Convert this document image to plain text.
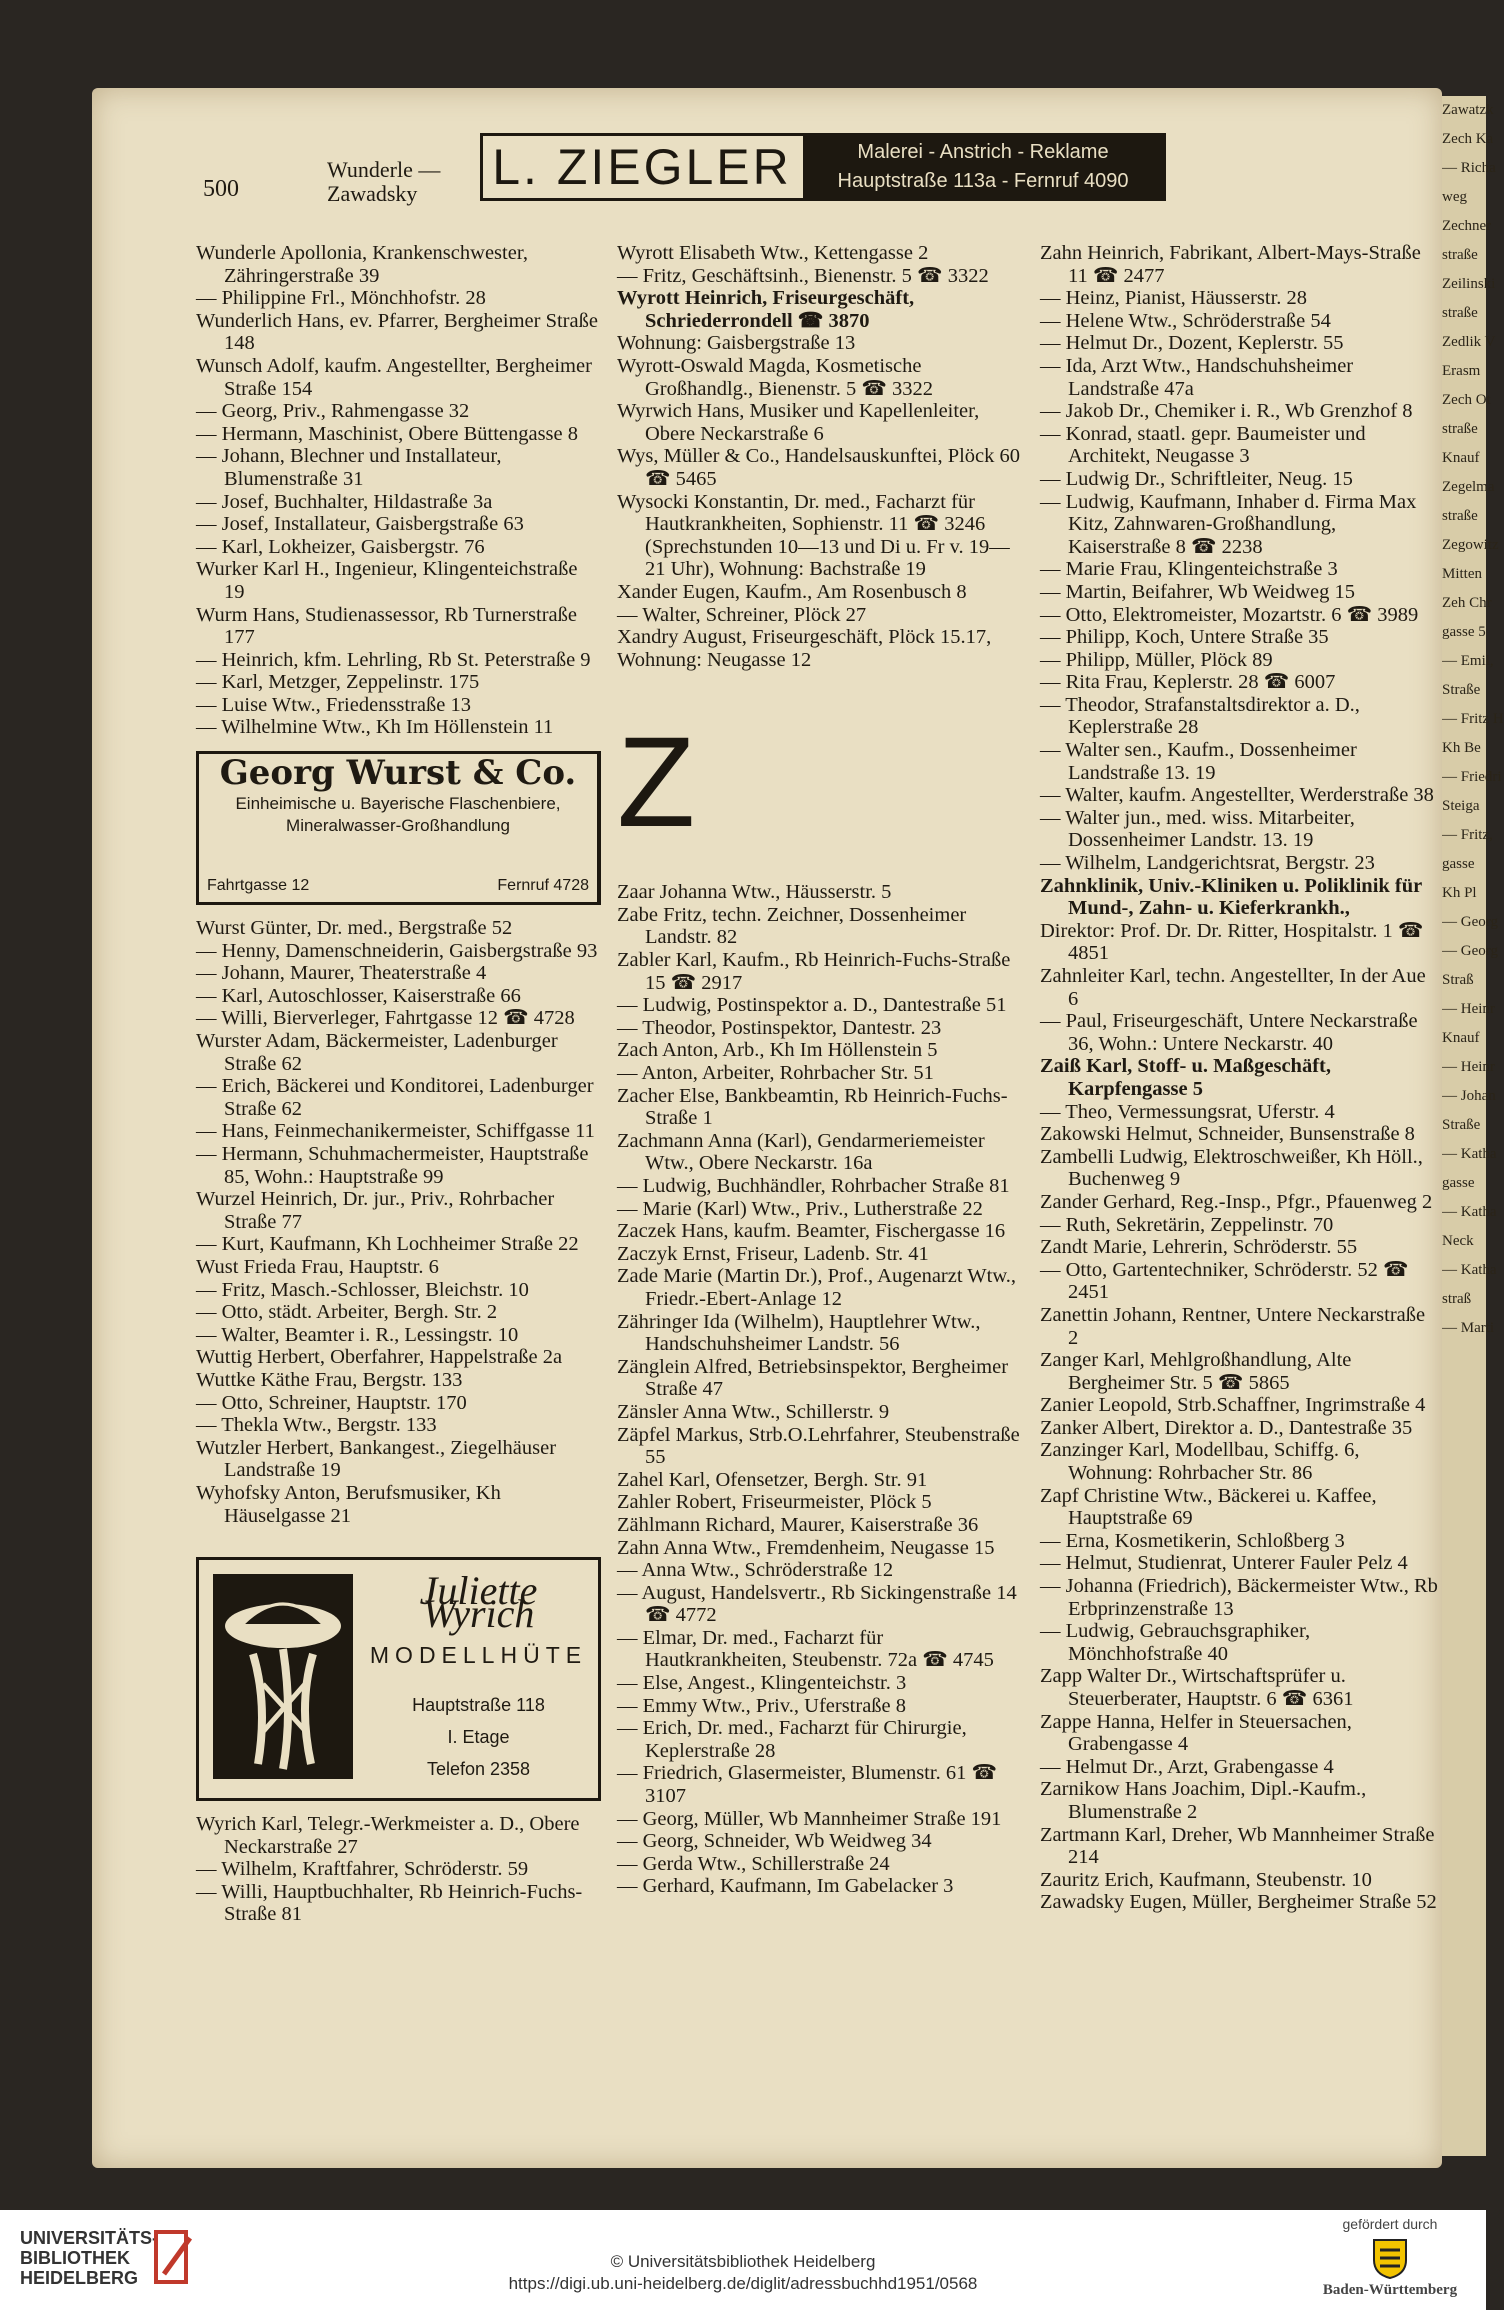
Zawatzk
Zech Ka
— Richa
weg
Zechner
straße
Zeilinski
straße
Zedlik V
Erasm
Zech Ot
straße
Knauf
Zegelma
straße
Zegowitz
Mitten
Zeh Chr
gasse 5
— Emil,
Straße
— Fritz H
Kh Be
— Friedri
Steiga
— Fritz,
gasse
Kh Pl
— Georg
— Georg
Straß
— Heinr
Knauf
— Heinr
— Johan
Straße
— Katha
gasse
— Katha
Neck
— Katha
straß
— Marti
500
Wunderle —
Zawadsky	L. ZIEGLER	Malerei - Anstrich - Reklame
Hauptstraße 113a - Fernruf 4090

Wunderle Apollonia, Krankenschwester, Zähringerstraße 39

— Philippine Frl., Mönchhofstr. 28

Wunderlich Hans, ev. Pfarrer, Bergheimer Straße 148

Wunsch Adolf, kaufm. Angestellter, Bergheimer Straße 154

— Georg, Priv., Rahmengasse 32

— Hermann, Maschinist, Obere Büttengasse 8

— Johann, Blechner und Installateur, Blumenstraße 31

— Josef, Buchhalter, Hildastraße 3a

— Josef, Installateur, Gaisbergstraße 63

— Karl, Lokheizer, Gaisbergstr. 76

Wurker Karl H., Ingenieur, Klingenteichstraße 19

Wurm Hans, Studienassessor, Rb Turnerstraße 177

— Heinrich, kfm. Lehrling, Rb St. Peterstraße 9

— Karl, Metzger, Zeppelinstr. 175

— Luise Wtw., Friedensstraße 13

— Wilhelmine Wtw., Kh Im Höllenstein 11

Georg Wurst & Co.
Einheimische u. Bayerische Flaschenbiere, Mineralwasser-Großhandlung
Fahrtgasse 12	Fernruf 4728

Wurst Günter, Dr. med., Bergstraße 52

— Henny, Damenschneiderin, Gaisbergstraße 93

— Johann, Maurer, Theaterstraße 4

— Karl, Autoschlosser, Kaiserstraße 66

— Willi, Bierverleger, Fahrtgasse 12 ☎ 4728

Wurster Adam, Bäckermeister, Ladenburger Straße 62

— Erich, Bäckerei und Konditorei, Ladenburger Straße 62

— Hans, Feinmechanikermeister, Schiffgasse 11

— Hermann, Schuhmachermeister, Hauptstraße 85, Wohn.: Hauptstraße 99

Wurzel Heinrich, Dr. jur., Priv., Rohrbacher Straße 77

— Kurt, Kaufmann, Kh Lochheimer Straße 22

Wust Frieda Frau, Hauptstr. 6

— Fritz, Masch.-Schlosser, Bleichstr. 10

— Otto, städt. Arbeiter, Bergh. Str. 2

— Walter, Beamter i. R., Lessingstr. 10

Wuttig Herbert, Oberfahrer, Happelstraße 2a

Wuttke Käthe Frau, Bergstr. 133

— Otto, Schreiner, Hauptstr. 170

— Thekla Wtw., Bergstr. 133

Wutzler Herbert, Bankangest., Ziegelhäuser Landstraße 19

Wyhofsky Anton, Berufsmusiker, Kh Häuselgasse 21

Juliette Wyrich
MODELLHÜTE
Hauptstraße 118
I. Etage
Telefon 2358

Wyrich Karl, Telegr.-Werkmeister a. D., Obere Neckarstraße 27

— Wilhelm, Kraftfahrer, Schröderstr. 59

— Willi, Hauptbuchhalter, Rb Heinrich-Fuchs-Straße 81

Wyrott Elisabeth Wtw., Kettengasse 2

— Fritz, Geschäftsinh., Bienenstr. 5 ☎ 3322

Wyrott Heinrich, Friseurgeschäft, Schriederrondell ☎ 3870

Wohnung: Gaisbergstraße 13

Wyrott-Oswald Magda, Kosmetische Großhandlg., Bienenstr. 5 ☎ 3322

Wyrwich Hans, Musiker und Kapellenleiter, Obere Neckarstraße 6

Wys, Müller & Co., Handelsauskunftei, Plöck 60 ☎ 5465

Wysocki Konstantin, Dr. med., Facharzt für Hautkrankheiten, Sophienstr. 11 ☎ 3246 (Sprechstunden 10—13 und Di u. Fr v. 19—21 Uhr), Wohnung: Bachstraße 19

Xander Eugen, Kaufm., Am Rosenbusch 8

— Walter, Schreiner, Plöck 27

Xandry August, Friseurgeschäft, Plöck 15.17,

Wohnung: Neugasse 12

Z

Zaar Johanna Wtw., Häusserstr. 5

Zabe Fritz, techn. Zeichner, Dossenheimer Landstr. 82

Zabler Karl, Kaufm., Rb Heinrich-Fuchs-Straße 15 ☎ 2917

— Ludwig, Postinspektor a. D., Dantestraße 51

— Theodor, Postinspektor, Dantestr. 23

Zach Anton, Arb., Kh Im Höllenstein 5

— Anton, Arbeiter, Rohrbacher Str. 51

Zacher Else, Bankbeamtin, Rb Heinrich-Fuchs-Straße 1

Zachmann Anna (Karl), Gendarmeriemeister Wtw., Obere Neckarstr. 16a

— Ludwig, Buchhändler, Rohrbacher Straße 81

— Marie (Karl) Wtw., Priv., Lutherstraße 22

Zaczek Hans, kaufm. Beamter, Fischergasse 16

Zaczyk Ernst, Friseur, Ladenb. Str. 41

Zade Marie (Martin Dr.), Prof., Augenarzt Wtw., Friedr.-Ebert-Anlage 12

Zähringer Ida (Wilhelm), Hauptlehrer Wtw., Handschuhsheimer Landstr. 56

Zänglein Alfred, Betriebsinspektor, Bergheimer Straße 47

Zänsler Anna Wtw., Schillerstr. 9

Zäpfel Markus, Strb.O.Lehrfahrer, Steubenstraße 55

Zahel Karl, Ofensetzer, Bergh. Str. 91

Zahler Robert, Friseurmeister, Plöck 5

Zählmann Richard, Maurer, Kaiserstraße 36

Zahn Anna Wtw., Fremdenheim, Neugasse 15

— Anna Wtw., Schröderstraße 12

— August, Handelsvertr., Rb Sickingenstraße 14 ☎ 4772

— Elmar, Dr. med., Facharzt für Hautkrankheiten, Steubenstr. 72a ☎ 4745

— Else, Angest., Klingenteichstr. 3

— Emmy Wtw., Priv., Uferstraße 8

— Erich, Dr. med., Facharzt für Chirurgie, Keplerstraße 28

— Friedrich, Glasermeister, Blumenstr. 61 ☎ 3107

— Georg, Müller, Wb Mannheimer Straße 191

— Georg, Schneider, Wb Weidweg 34

— Gerda Wtw., Schillerstraße 24

— Gerhard, Kaufmann, Im Gabelacker 3

Zahn Heinrich, Fabrikant, Albert-Mays-Straße 11 ☎ 2477

— Heinz, Pianist, Häusserstr. 28

— Helene Wtw., Schröderstraße 54

— Helmut Dr., Dozent, Keplerstr. 55

— Ida, Arzt Wtw., Handschuhsheimer Landstraße 47a

— Jakob Dr., Chemiker i. R., Wb Grenzhof 8

— Konrad, staatl. gepr. Baumeister und Architekt, Neugasse 3

— Ludwig Dr., Schriftleiter, Neug. 15

— Ludwig, Kaufmann, Inhaber d. Firma Max Kitz, Zahnwaren-Großhandlung, Kaiserstraße 8 ☎ 2238

— Marie Frau, Klingenteichstraße 3

— Martin, Beifahrer, Wb Weidweg 15

— Otto, Elektromeister, Mozartstr. 6 ☎ 3989

— Philipp, Koch, Untere Straße 35

— Philipp, Müller, Plöck 89

— Rita Frau, Keplerstr. 28 ☎ 6007

— Theodor, Strafanstaltsdirektor a. D., Keplerstraße 28

— Walter sen., Kaufm., Dossenheimer Landstraße 13. 19

— Walter, kaufm. Angestellter, Werderstraße 38

— Walter jun., med. wiss. Mitarbeiter, Dossenheimer Landstr. 13. 19

— Wilhelm, Landgerichtsrat, Bergstr. 23

Zahnklinik, Univ.-Kliniken u. Poliklinik für Mund-, Zahn- u. Kieferkrankh.,

Direktor: Prof. Dr. Dr. Ritter, Hospitalstr. 1 ☎ 4851

Zahnleiter Karl, techn. Angestellter, In der Aue 6

— Paul, Friseurgeschäft, Untere Neckarstraße 36, Wohn.: Untere Neckarstr. 40

Zaiß Karl, Stoff- u. Maßgeschäft, Karpfengasse 5

— Theo, Vermessungsrat, Uferstr. 4

Zakowski Helmut, Schneider, Bunsenstraße 8

Zambelli Ludwig, Elektroschweißer, Kh Höll., Buchenweg 9

Zander Gerhard, Reg.-Insp., Pfgr., Pfauenweg 2

— Ruth, Sekretärin, Zeppelinstr. 70

Zandt Marie, Lehrerin, Schröderstr. 55

— Otto, Gartentechniker, Schröderstr. 52 ☎ 2451

Zanettin Johann, Rentner, Untere Neckarstraße 2

Zanger Karl, Mehlgroßhandlung, Alte Bergheimer Str. 5 ☎ 5865

Zanier Leopold, Strb.Schaffner, Ingrimstraße 4

Zanker Albert, Direktor a. D., Dantestraße 35

Zanzinger Karl, Modellbau, Schiffg. 6, Wohnung: Rohrbacher Str. 86

Zapf Christine Wtw., Bäckerei u. Kaffee, Hauptstraße 69

— Erna, Kosmetikerin, Schloßberg 3

— Helmut, Studienrat, Unterer Fauler Pelz 4

— Johanna (Friedrich), Bäckermeister Wtw., Rb Erbprinzenstraße 13

— Ludwig, Gebrauchsgraphiker, Mönchhofstraße 40

Zapp Walter Dr., Wirtschaftsprüfer u. Steuerberater, Hauptstr. 6 ☎ 6361

Zappe Hanna, Helfer in Steuersachen, Grabengasse 4

— Helmut Dr., Arzt, Grabengasse 4

Zarnikow Hans Joachim, Dipl.-Kaufm., Blumenstraße 2

Zartmann Karl, Dreher, Wb Mannheimer Straße 214

Zauritz Erich, Kaufmann, Steubenstr. 10

Zawadsky Eugen, Müller, Bergheimer Straße 52

UNIVERSITÄTS-
BIBLIOTHEK
HEIDELBERG
© Universitätsbibliothek Heidelberg
https://digi.ub.uni-heidelberg.de/diglit/adressbuchhd1951/0568
gefördert durch
Baden-Württemberg
